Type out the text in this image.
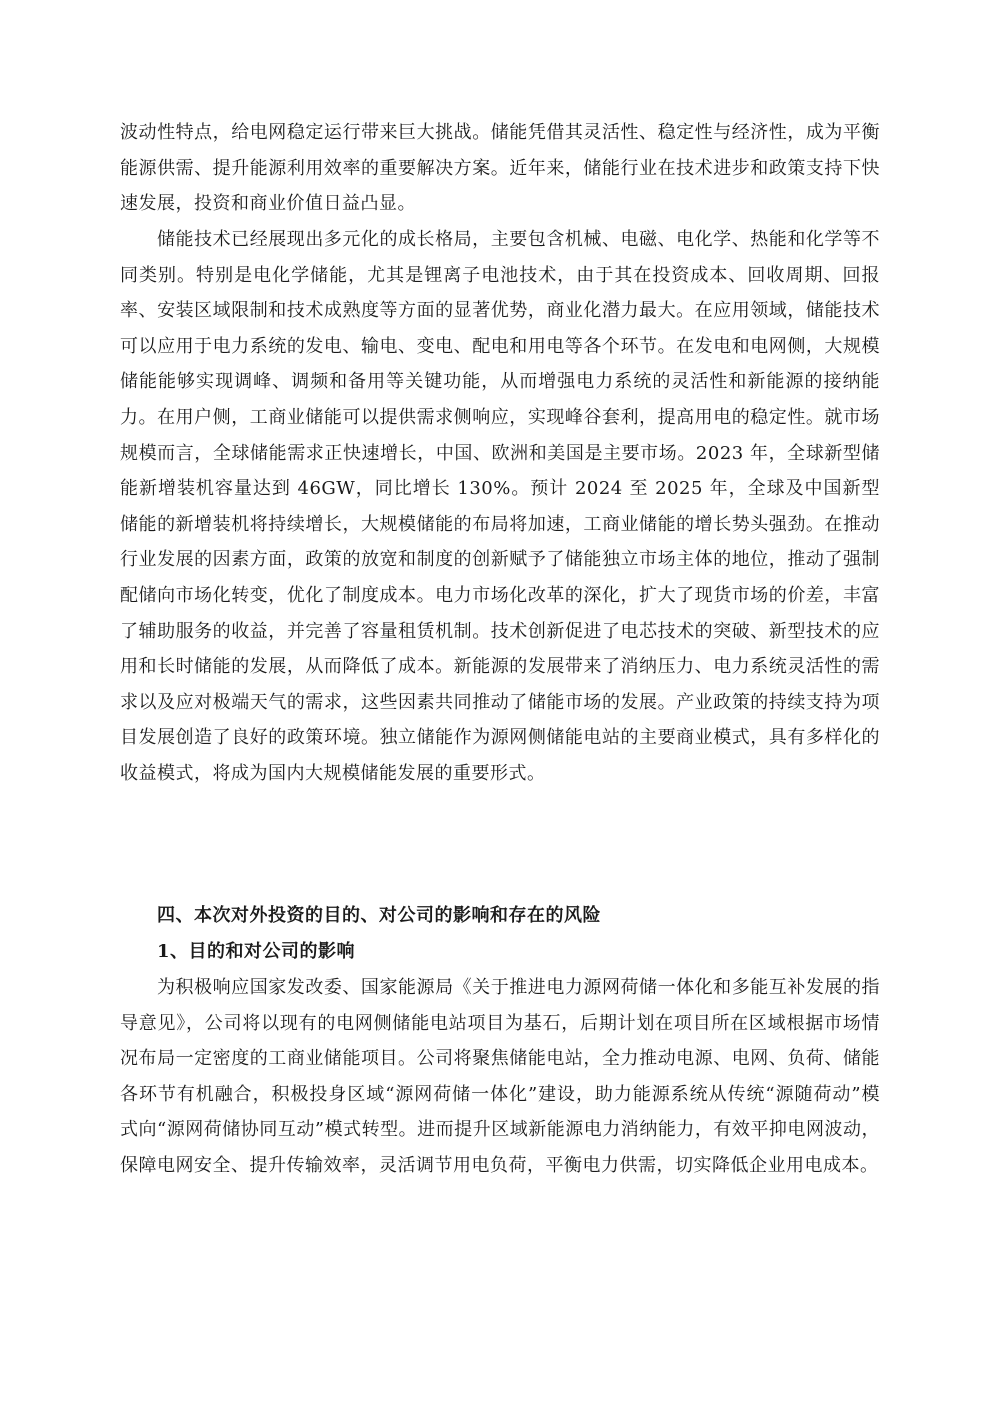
波动性特点，给电网稳定运行带来巨大挑战。储能凭借其灵活性、稳定性与经济性，成为平衡能源供需、提升能源利用效率的重要解决方案。近年来，储能行业在技术进步和政策支持下快速发展，投资和商业价值日益凸显。

储能技术已经展现出多元化的成长格局，主要包含机械、电磁、电化学、热能和化学等不同类别。特别是电化学储能，尤其是锂离子电池技术，由于其在投资成本、回收周期、回报率、安装区域限制和技术成熟度等方面的显著优势，商业化潜力最大。在应用领域，储能技术可以应用于电力系统的发电、输电、变电、配电和用电等各个环节。在发电和电网侧，大规模储能能够实现调峰、调频和备用等关键功能，从而增强电力系统的灵活性和新能源的接纳能力。在用户侧，工商业储能可以提供需求侧响应，实现峰谷套利，提高用电的稳定性。就市场规模而言，全球储能需求正快速增长，中国、欧洲和美国是主要市场。2023 年，全球新型储能新增装机容量达到 46GW，同比增长 130%。预计 2024 至 2025 年，全球及中国新型储能的新增装机将持续增长，大规模储能的布局将加速，工商业储能的增长势头强劲。在推动行业发展的因素方面，政策的放宽和制度的创新赋予了储能独立市场主体的地位，推动了强制配储向市场化转变，优化了制度成本。电力市场化改革的深化，扩大了现货市场的价差，丰富了辅助服务的收益，并完善了容量租赁机制。技术创新促进了电芯技术的突破、新型技术的应用和长时储能的发展，从而降低了成本。新能源的发展带来了消纳压力、电力系统灵活性的需求以及应对极端天气的需求，这些因素共同推动了储能市场的发展。产业政策的持续支持为项目发展创造了良好的政策环境。独立储能作为源网侧储能电站的主要商业模式，具有多样化的收益模式，将成为国内大规模储能发展的重要形式。

四、本次对外投资的目的、对公司的影响和存在的风险
1、目的和对公司的影响

为积极响应国家发改委、国家能源局《关于推进电力源网荷储一体化和多能互补发展的指导意见》，公司将以现有的电网侧储能电站项目为基石，后期计划在项目所在区域根据市场情况布局一定密度的工商业储能项目。公司将聚焦储能电站，全力推动电源、电网、负荷、储能各环节有机融合，积极投身区域“源网荷储一体化”建设，助力能源系统从传统“源随荷动”模式向“源网荷储协同互动”模式转型。进而提升区域新能源电力消纳能力，有效平抑电网波动，保障电网安全、提升传输效率，灵活调节用电负荷，平衡电力供需，切实降低企业用电成本。
